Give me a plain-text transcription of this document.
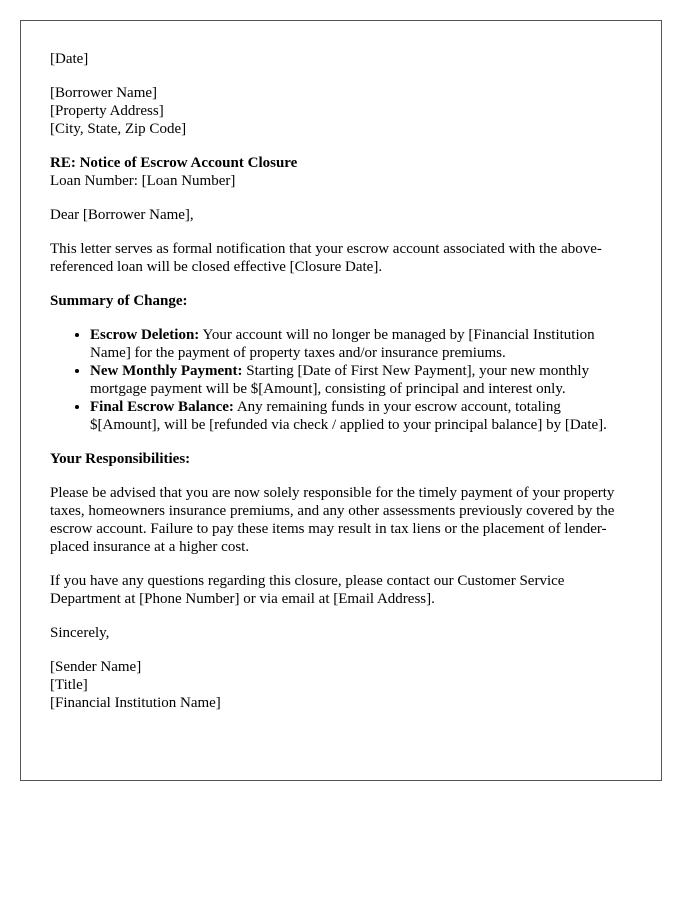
[Date]

[Borrower Name]
[Property Address]
[City, State, Zip Code]

RE: Notice of Escrow Account Closure
Loan Number: [Loan Number]

Dear [Borrower Name],

This letter serves as formal notification that your escrow account associated with the above-referenced loan will be closed effective [Closure Date].

Summary of Change:

• Escrow Deletion: Your account will no longer be managed by [Financial Institution Name] for the payment of property taxes and/or insurance premiums.
• New Monthly Payment: Starting [Date of First New Payment], your new monthly mortgage payment will be $[Amount], consisting of principal and interest only.
• Final Escrow Balance: Any remaining funds in your escrow account, totaling $[Amount], will be [refunded via check / applied to your principal balance] by [Date].

Your Responsibilities:

Please be advised that you are now solely responsible for the timely payment of your property taxes, homeowners insurance premiums, and any other assessments previously covered by the escrow account. Failure to pay these items may result in tax liens or the placement of lender-placed insurance at a higher cost.

If you have any questions regarding this closure, please contact our Customer Service Department at [Phone Number] or via email at [Email Address].

Sincerely,

[Sender Name]
[Title]
[Financial Institution Name]
